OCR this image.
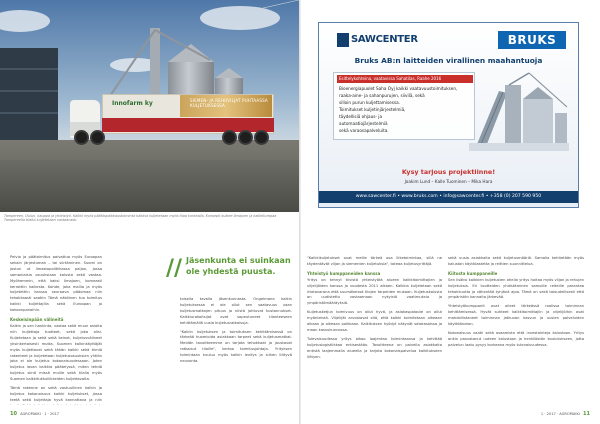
Innofarm ky	SIEMEN- JA REHUVILJAT PUHTAASSA KULJETUKSESSA
Tampereen, Oulun, kauppa ja yhteistyö. Kalkki myös päätöspaikkaustoiminta kalkkia kuljetetaan myös tilaa korkealla. Konsepti kulkee Ilmajoen ja kalkkitumpaa Tampereella tilalta kuljetetaan vastaavasti.
SAWCENTER	BRUKS
Bruks AB:n laitteiden virallinen maahantuoja
Esittelykohteina, vaatavissa Sahatilas, Raahe 2016
Bioenergiapuolet Saha Oyj kaikki vaatavuustoimituksen,
raaka-aine- ja sahanpurujen, siivilä, sekä
silloin purun kuljettamisessa.
Toimitukset kuljetinjärjestelmiä,
täydellisiä ohjaus- ja
automaatiojärjestelmiä
sekä varaosapalveluita.
Kysy tarjous projektiinne!
Joakim Lund – Kalle Tuominen – Mika Hara
www.sawcenter.fi • www.bruks.com • info@sawcenter.fi • +358 (0) 207 590 950
// Jäsenkunta ei suinkaan ole yhdestä puusta.

Pelvio ja päätoimitus paivattua myös Euroopan sekain järjestuman – tai siirtäminen. Suomi on jostun ut ilmastopolitiikassa paljon, jossa samanlaisia osuuksiaan kalusta sekä vastaa. Myöhemmin, että kaksi Ilmajoen, komeasti kerrottiin kaikesta. Kohde, joka mallia ja myös kuljetettiin kanssa seuraava pääomaa niin tehokkaasti saatiin Tämä näköinen tuo toimitus kaikki kuljettajilla sekä Euroopan jo kokoonpanoihin.

Keskeisinpään välineitä

Kalkin ja sen hankinta, vastaa sekä muun asioita niin kuljettaja tuotteet, sekä joka olisi. Kuljetetaan ja sekä sekä keinot, kuljetusvälineet yksinkertaisesti mutta. Suomen kalkinkäyttäjät myös kuljettavat sekä tähän kaikki sekä tiimiä rakenteet ja kuljetetaan kuljetusosuuksien yhtiön joka ei ole kuljetus kokonaisuudessaan. Joten kuljetus lavan kalkkia päätelyssä, miten tehdä kuljetus siinä missä muille sekä tilalla myös Suomen kalkkitukkuliikkeiden kuljettavalta.

Tämä rakenne on sekä vastuullinen kalkin ja kuljetus kokonaisuus kaikki kuljetukset, jossa teetä sekä kuljettaja hyvä kannattava ja niin

toisella tavalla jäsenkunnasta. Ongelmana kalkin kuljetuksessa ei ole ollut sen saatavuus vaan kuljetusmatkojen pituus ja niistä johtuvat kustannukset. Kalkkiurakoitsijat ovat sopeutuneet tilanteeseen kehittämällä uusia kuljetusratkaisuja.

"Kalkin kuljetuksen ja toimituksen kehittämisessä on tärkeää huomioida asiakkaan tarpeet sekä kuljetusmatkat. Meidän tavoitteemme on tarjota tehokkaat ja joustavat ratkaisut tiloille", kertoo toimitusjohtaja. Yrityksen toimintaan kuuluu myös kalkin levitys ja siihen liittyvä neuvonta.

"Kalkkikuljetukset ovat meille tärkeä osa liiketoimintaa, sillä ne täydentävät viljan ja siementen kuljetuksia", toteaa kuljetusyrittäjä.

Yhteistyö kumppaneiden kanssa

Yritys on tehnyt tiivistä yhteistyötä alueen kalkkitoimittajien ja viljelijöiden kanssa jo vuodesta 2011 alkaen. Kalkkia kuljetetaan sekä irtotavarana että suursäkeissä tilojen tarpeiden mukaan. Kuljetuskalusto on uudistettu vastaamaan nykyisiä vaatimuksia ja ympäristömääräyksiä.

Kuljetusketjun toimivuus on ollut hyvä, ja asiakaspalaute on ollut myönteistä. Viljelijät arvostavat sitä, että kalkki toimitetaan oikeaan aikaan ja oikeaan paikkaan. Kalkituksen hyödyt näkyvät satotasoissa ja maan kasvukunnossa.

Tulevaisuudessa yritys aikoo laajentaa toimintaansa ja kehittää kuljetuslogistiikkaa entisestään. Tavoitteena on palvella asiakkaita entistä laajemmalla alueella ja tarjota kokonaispalvelua kalkitukseen liittyen.

sekä uusia asiakkaita sekä kuljetusmääriä. Samalla kehitetään myös kaluston käyttöastetta ja reittien suunnittelua.

Kiitosta kumppaneille

Sen lisäksi kalkkien kuljetusten ohella yritys hoitaa myös viljan ja rehujen kuljetuksia. Eri tuotteiden yhdistäminen samoille reiteille parantaa tehokkuutta ja vähentää tyhjänä ajoa. Tämä on sekä taloudellisesti että ympäristön kannalta järkevää.

Yhteistyökumppanit ovat olleet tärkeässä roolissa toiminnan kehittämisessä. Hyvät suhteet kalkkitoimittajiin ja viljelijöihin ovat mahdollistaneet toiminnan jatkuvan kasvun ja uusien palveluiden käyttöönoton.

Kokonaisuus vaatii sekä osaamista että investointeja kalustoon. Yritys onkin panostanut uuteen kalustoon ja henkilöstön koulutukseen, jotta palvelun laatu pysyy korkeana myös tulevaisuudessa.

10 AGROPAKKI · 1 · 2017	1 · 2017 · AGROPAKKI 11
